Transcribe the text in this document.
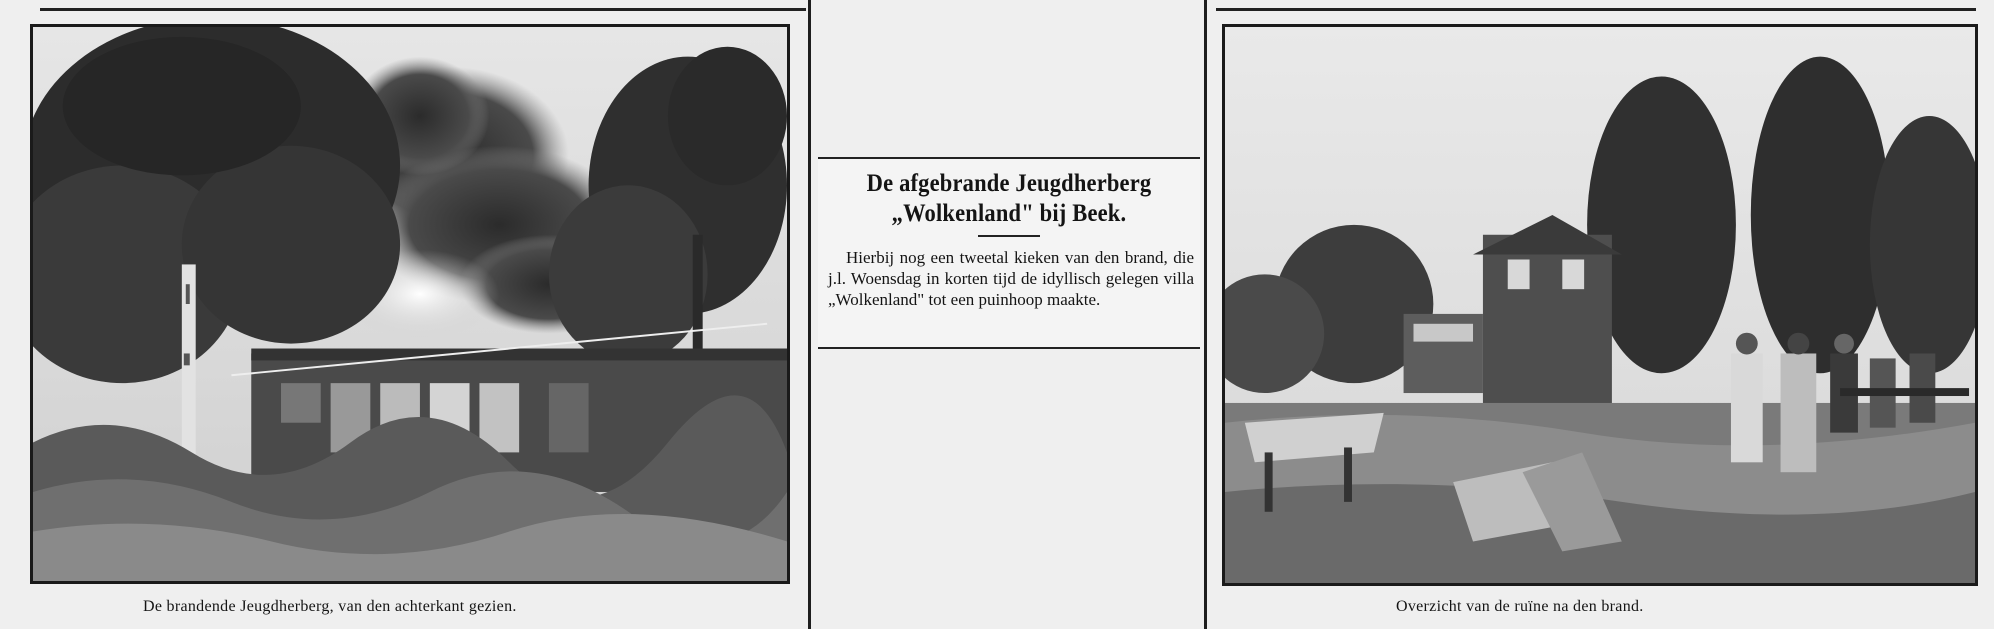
De brandende Jeugdherberg, van den achterkant gezien.
De afgebrande Jeugdherberg
„Wolkenland" bij Beek.
Hierbij nog een tweetal kieken van den brand, die j.l. Woensdag in korten tijd de idyllisch gelegen villa „Wolkenland" tot een puinhoop maakte.
Overzicht van de ruïne na den brand.
